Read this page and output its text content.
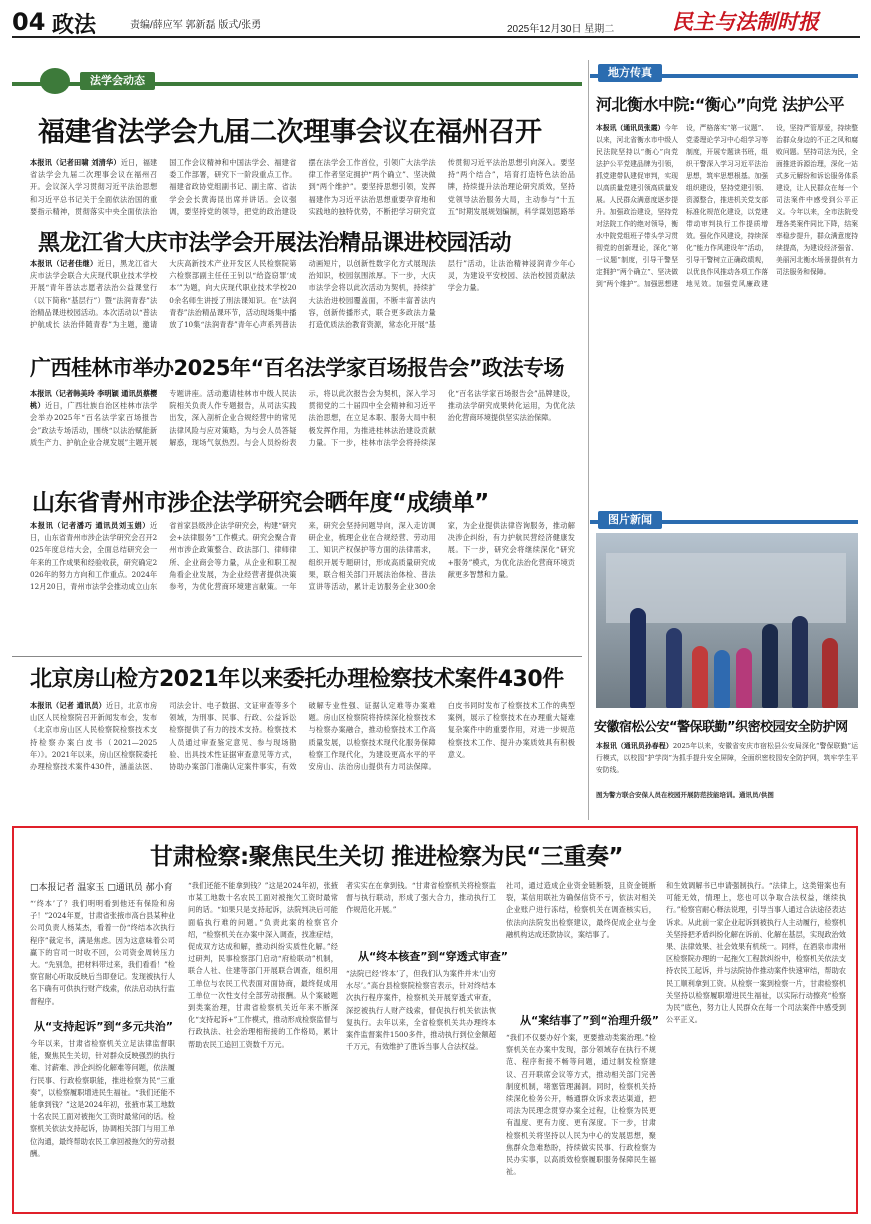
04 政法	责编/薛应军 郭新磊 版式/张勇	2025年12月30日 星期二	民主与法制时报
法学会动态
福建省法学会九届二次理事会议在福州召开
本报讯（记者田啸 刘清华）近日，福建省法学会九届二次理事会议在福州召开。会议深入学习贯彻习近平法治思想和习近平总书记关于全面依法治国的重要指示精神，贯彻落实中央全面依法治国工作会议精神和中国法学会、福建省委工作部署，研究下一阶段重点工作。福建省政协党组副书记、副主席、省法学会会长黄海昆出席并讲话。会议强调，要坚持党的领导，把党的政治建设摆在法学会工作首位，引领广大法学法律工作者坚定拥护“两个确立”、坚决做到“两个维护”。要坚持思想引领，发挥福建作为习近平法治思想重要孕育地和实践地的独特优势，不断把学习研究宣传贯彻习近平法治思想引向深入。要坚持“两个结合”，培育打造特色法治品牌，持续提升法治理论研究质效，坚持党领导法治服务大局，主动参与“十五五”时期发展规划编制，科学谋划思路举
黑龙江省大庆市法学会开展法治精品课进校园活动
本报讯（记者佳继）近日，黑龙江省大庆市法学会联合大庆现代职业技术学校开展“青年普法志愿者法治公益课堂行（以下简称“基层行”）暨“法润青春”法治精品课进校园活动。本次活动以“普法护航成长 法治伴随青春”为主题，邀请大庆高新技术产业开发区人民检察院第六检察部副主任任王钊以“给盗窃罪‘成本’”为题，向大庆现代职业技术学校200余名师生讲授了刑法课知识。在“法润青春”法治精品课环节，活动现场集中播放了10集“法润青春”青年心声系列普法动画短片，以创新性数字化方式展现法治知识，校园氛围浓厚。下一步，大庆市法学会将以此次活动为契机，持续扩大法治进校园覆盖面，不断丰富普法内容，创新传播形式，联合更多政法力量打造优质法治教育资源，常态化开展“基层行”活动，让法治精神浸润青少年心灵，为建设平安校园、法治校园贡献法学会力量。
广西桂林市举办2025年“百名法学家百场报告会”政法专场
本报讯（记者韩美玲 李明颖 通讯员蔡樱桃）近日，广西壮族自治区桂林市法学会举办2025年“百名法学家百场报告会”政法专场活动，围绕“以法治赋能新质生产力、护航企业合规发展”主题开展专题讲座。活动邀请桂林市中级人民法院相关负责人作专题报告，从司法实践出发，深入剖析企业合规经营中的常见法律风险与应对策略，为与会人员答疑解惑，现场气氛热烈。与会人员纷纷表示，将以此次报告会为契机，深入学习贯彻党的二十届四中全会精神和习近平法治思想，在立足本职、服务大局中积极发挥作用，为推进桂林法治建设贡献力量。下一步，桂林市法学会将持续深化“百名法学家百场报告会”品牌建设，推动法学研究成果转化运用，为优化法治化营商环境提供坚实法治保障。
山东省青州市涉企法学研究会晒年度“成绩单”
本报讯（记者潘巧 通讯员刘玉娟）近日，山东省青州市涉企法学研究会召开2025年度总结大会，全面总结研究会一年来的工作成果和经验收获，研究确定2026年的努力方向和工作重点。2024年12月20日，青州市法学会推动成立山东省首家县级涉企法学研究会，构建“研究会+法律服务”工作模式。研究会聚合青州市涉企政策整合、政法部门、律师律所、企业商会等力量，从企业和职工视角看企业发展，为企业经营者提供决策参考，为优化营商环境建言献策。一年来，研究会坚持问题导向，深入走访调研企业，梳理企业在合规经营、劳动用工、知识产权保护等方面的法律需求，组织开展专题研讨，形成高质量研究成果，联合相关部门开展法治体检、普法宣讲等活动，累计走访服务企业300余家，为企业提供法律咨询服务，推动解决涉企纠纷，有力护航民营经济健康发展。下一步，研究会将继续深化“研究+服务”模式，为优化法治化营商环境贡献更多智慧和力量。
北京房山检方2021年以来委托办理检察技术案件430件
本报讯（记者 通讯员）近日，北京市房山区人民检察院召开新闻发布会，发布《北京市房山区人民检察院检察技术支持检察办案白皮书（2021—2025年）》。2021年以来，房山区检察院委托办理检察技术案件430件，涵盖法医、司法会计、电子数据、文证审查等多个领域，为刑事、民事、行政、公益诉讼检察提供了有力的技术支持。检察技术人员通过审查鉴定意见、参与现场勘验、出具技术性证据审查意见等方式，协助办案部门准确认定案件事实，有效破解专业性强、证据认定难等办案难题。房山区检察院将持续深化检察技术与检察办案融合，推动检察技术工作高质量发展，以检察技术现代化服务保障检察工作现代化，为建设更高水平的平安房山、法治房山提供有力司法保障。白皮书同时发布了检察技术工作的典型案例，展示了检察技术在办理重大疑难复杂案件中的重要作用，对进一步规范检察技术工作、提升办案质效具有积极意义。
地方传真
河北衡水中院:“衡心”向党 法护公平
本报讯（通讯员张霞）今年以来，河北省衡水市中级人民法院坚持以“衡心”向党 法护公平党建品牌为引领，抓党建带队建促审判，实现以高质量党建引领高质量发展。人民群众满意度逐步提升。加强政治建设，坚持党对法院工作的绝对领导，衡水中院党组班子带头学习贯彻党的创新理论，深化“第一议题”制度，引导干警坚定拥护“两个确立”、坚决做到“两个维护”。加强思想建设，严格落实“第一议题”、党委理论学习中心组学习等制度，开展专题读书班，组织干警深入学习习近平法治思想，筑牢思想根基。加强组织建设，坚持党建引领、资源整合，推进机关党支部标准化规范化建设，以党建带动审判执行工作提质增效。强化作风建设，持续深化“能力作风建设年”活动，引导干警树立正确政绩观，以优良作风推动各项工作落地见效。加强党风廉政建设，坚持严管厚爱，持续整治群众身边的不正之风和腐败问题。坚持司法为民，全面推进诉源治理，深化一站式多元解纷和诉讼服务体系建设，让人民群众在每一个司法案件中感受到公平正义。今年以来，全市法院受理各类案件同比下降，结案率稳步提升，群众满意度持续提高，为建设经济强省、美丽河北衡水场景提供有力司法服务和保障。
图片新闻
安徽宿松公安“警保联勤”织密校园安全防护网
本报讯（通讯员孙春程）2025年以来，安徽省安庆市宿松县公安局深化“警保联勤”运行模式，以校园“护学岗”为抓手提升安全屏障，全面织密校园安全防护网，筑牢学生平安防线。
图为警方联合安保人员在校园开展防范技能培训。通讯员/供图
甘肃检察:聚焦民生关切 推进检察为民“三重奏”
□本报记者 温家玉 □通讯员 郝小育
“‘终本’了？我们明明看到他还有保险和房子！”2024年夏，甘肃省张掖市高台县某种业公司负责人杨某杰，看着一份“终结本次执行程序”裁定书，满是焦虑。因为这意味着公司赢下的官司一时收不回，公司资金周转压力大。“先别急，把材料带过来，我们看看！”检察官耐心听取反映后当即登记。发现被执行人名下确有可供执行财产线索，依法启动执行监督程序。
从“支持起诉”到“多元共治”
今年以来，甘肃省检察机关立足法律监督职能，聚焦民生关切，针对群众反映强烈的执行难、讨薪难、涉企纠纷化解难等问题，依法履行民事、行政检察职能，推进检察为民“三重奏”，以检察履职增进民生福祉。“我们还能不能拿到钱？”这是2024年初，张掖市某工地数十名农民工面对被拖欠工资时最常问的话。检察机关依法支持起诉，协调相关部门与用工单位沟通，最终帮助农民工拿回被拖欠的劳动报酬。
“我们还能不能拿到钱？”这是2024年初，张掖市某工地数十名农民工面对被拖欠工资时最常问的话。“如果只是支持起诉，法院判决后可能面临执行难的问题。”负责此案的检察官介绍，“检察机关在办案中深入调查，找准症结，促成双方达成和解，推动纠纷实质性化解。”经过研判，民事检察部门启动“府检联动”机制，联合人社、住建等部门开展联合调查，组织用工单位与农民工代表面对面协商，最终促成用工单位一次性支付全部劳动报酬。从个案破题到类案治理，甘肃省检察机关近年来不断深化“支持起诉+”工作模式，推动形成检察监督与行政执法、社会治理相衔接的工作格局，累计帮助农民工追回工资数千万元。
者实实在在拿到钱。“甘肃省检察机关将检察监督与执行联动，形成了强大合力，推动执行工作规范化开展。”
从“终本核查”到“穿透式审查”
“法院已经‘终本’了，但我们认为案件并未‘山穷水尽’。”高台县检察院检察官表示，针对终结本次执行程序案件，检察机关开展穿透式审查，深挖被执行人财产线索，督促执行机关依法恢复执行。去年以来，全省检察机关共办理终本案件监督案件1500多件，推动执行到位金额超千万元，有效维护了胜诉当事人合法权益。
社司，通过造成企业资金链断裂，且资金链断裂，某信用联社为确保信贷不亏，依法对相关企业账户进行冻结，检察机关在调查核实后，依法向法院发出检察建议，最终促成企业与金融机构达成还款协议，案结事了。
从“案结事了”到“治理升级”
“我们不仅要办好个案，更要推动类案治理。”检察机关在办案中发现，部分领域存在执行不规范、程序衔接不畅等问题，通过制发检察建议、召开联席会议等方式，推动相关部门完善制度机制，堵塞管理漏洞。同时，检察机关持续深化检务公开，畅通群众诉求表达渠道，把司法为民理念贯穿办案全过程，让检察为民更有温度、更有力度、更有深度。下一步，甘肃检察机关将坚持以人民为中心的发展思想，聚焦群众急难愁盼，持续做实民事、行政检察为民办实事，以高质效检察履职服务保障民生福祉。
和生效调解书已申请强制执行。“法律上，这类错案也有可能无效，情理上，您也可以争取合法权益，继续执行。”检察官耐心释法说理，引导当事人通过合法途径表达诉求。从此前一家企业起诉到被执行人主动履行，检察机关坚持把矛盾纠纷化解在诉前、化解在基层，实现政治效果、法律效果、社会效果有机统一。同样，在酒泉市肃州区检察院办理的一起拖欠工程款纠纷中，检察机关依法支持农民工起诉，并与法院协作推动案件快速审结，帮助农民工顺利拿到工资。从检察一案到检察一片，甘肃检察机关坚持以检察履职增进民生福祉，以实际行动擦亮“检察为民”底色，努力让人民群众在每一个司法案件中感受到公平正义。
